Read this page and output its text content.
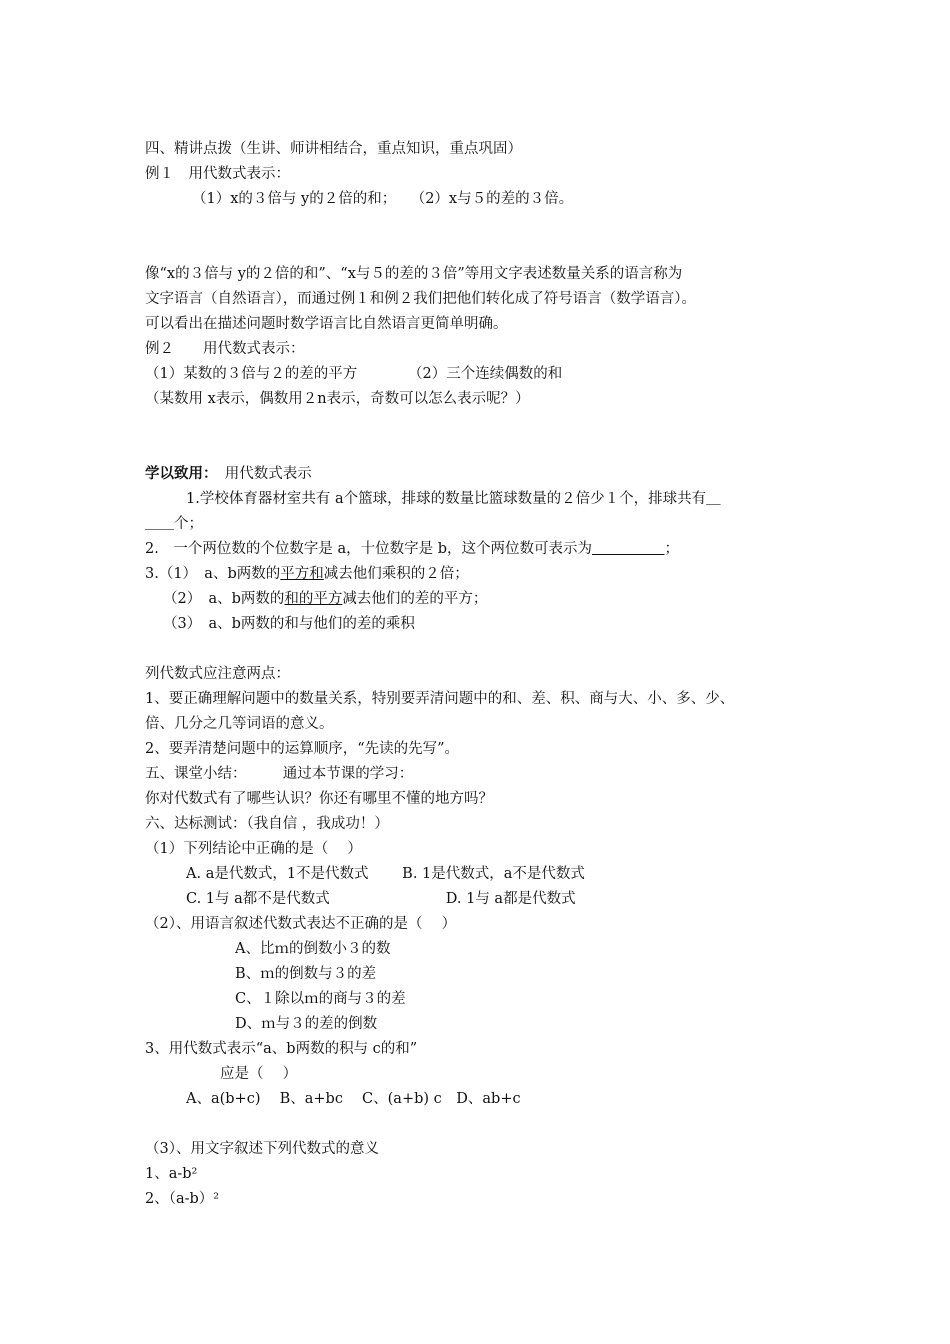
四、精讲点拨（生讲、师讲相结合，重点知识，重点巩固）
例１　用代数式表示：
（1）x的３倍与 y的２倍的和；　　（2）x与５的差的３倍。
像“x的３倍与 y的２倍的和”、“x与５的差的３倍”等用文字表述数量关系的语言称为
文字语言（自然语言），而通过例１和例２我们把他们转化成了符号语言（数学语言）。
可以看出在描述问题时数学语言比自然语言更简单明确。
例２　　用代数式表示：
（1）某数的３倍与２的差的平方　　　　（2）三个连续偶数的和
（某数用 x表示，偶数用２n表示，奇数可以怎么表示呢？）
学以致用：　用代数式表示
1.学校体育器材室共有 a个篮球，排球的数量比篮球数量的２倍少１个，排球共有＿
＿＿个；
2.　一个两位数的个位数字是 a，十位数字是 b，这个两位数可表示为　　　　　	；
3.（1）　a、b两数的平方和减去他们乘积的２倍；
（2）　a、b两数的和的平方减去他们的差的平方；
（3）　a、b两数的和与他们的差的乘积
列代数式应注意两点：
1、要正确理解问题中的数量关系，特别要弄清问题中的和、差、积、商与大、小、多、少、
倍、几分之几等词语的意义。
2、要弄清楚问题中的运算顺序，“先读的先写”。
五、课堂小结：　　　通过本节课的学习：
你对代数式有了哪些认识？你还有哪里不懂的地方吗？
六、达标测试：（我自信 ，我成功！）
（1）下列结论中正确的是（　 ）
A. a是代数式，1不是代数式　　 B. 1是代数式，a不是代数式
C. 1与 a都不是代数式　　　　　　　　D. 1与 a都是代数式
（2）、用语言叙述代数式表达不正确的是（　 ）
A、比ｍ的倒数小３的数
B、ｍ的倒数与３的差
C、１除以ｍ的商与３的差
D、ｍ与３的差的倒数
3、用代数式表示“a、b两数的积与 c的和”
应是（　 ）
A、a(b+c)　 B、a+bc　 C、(a+b) c　D、ab+c
（3）、用文字叙述下列代数式的意义
1、a-b²
2、（a-b）²
